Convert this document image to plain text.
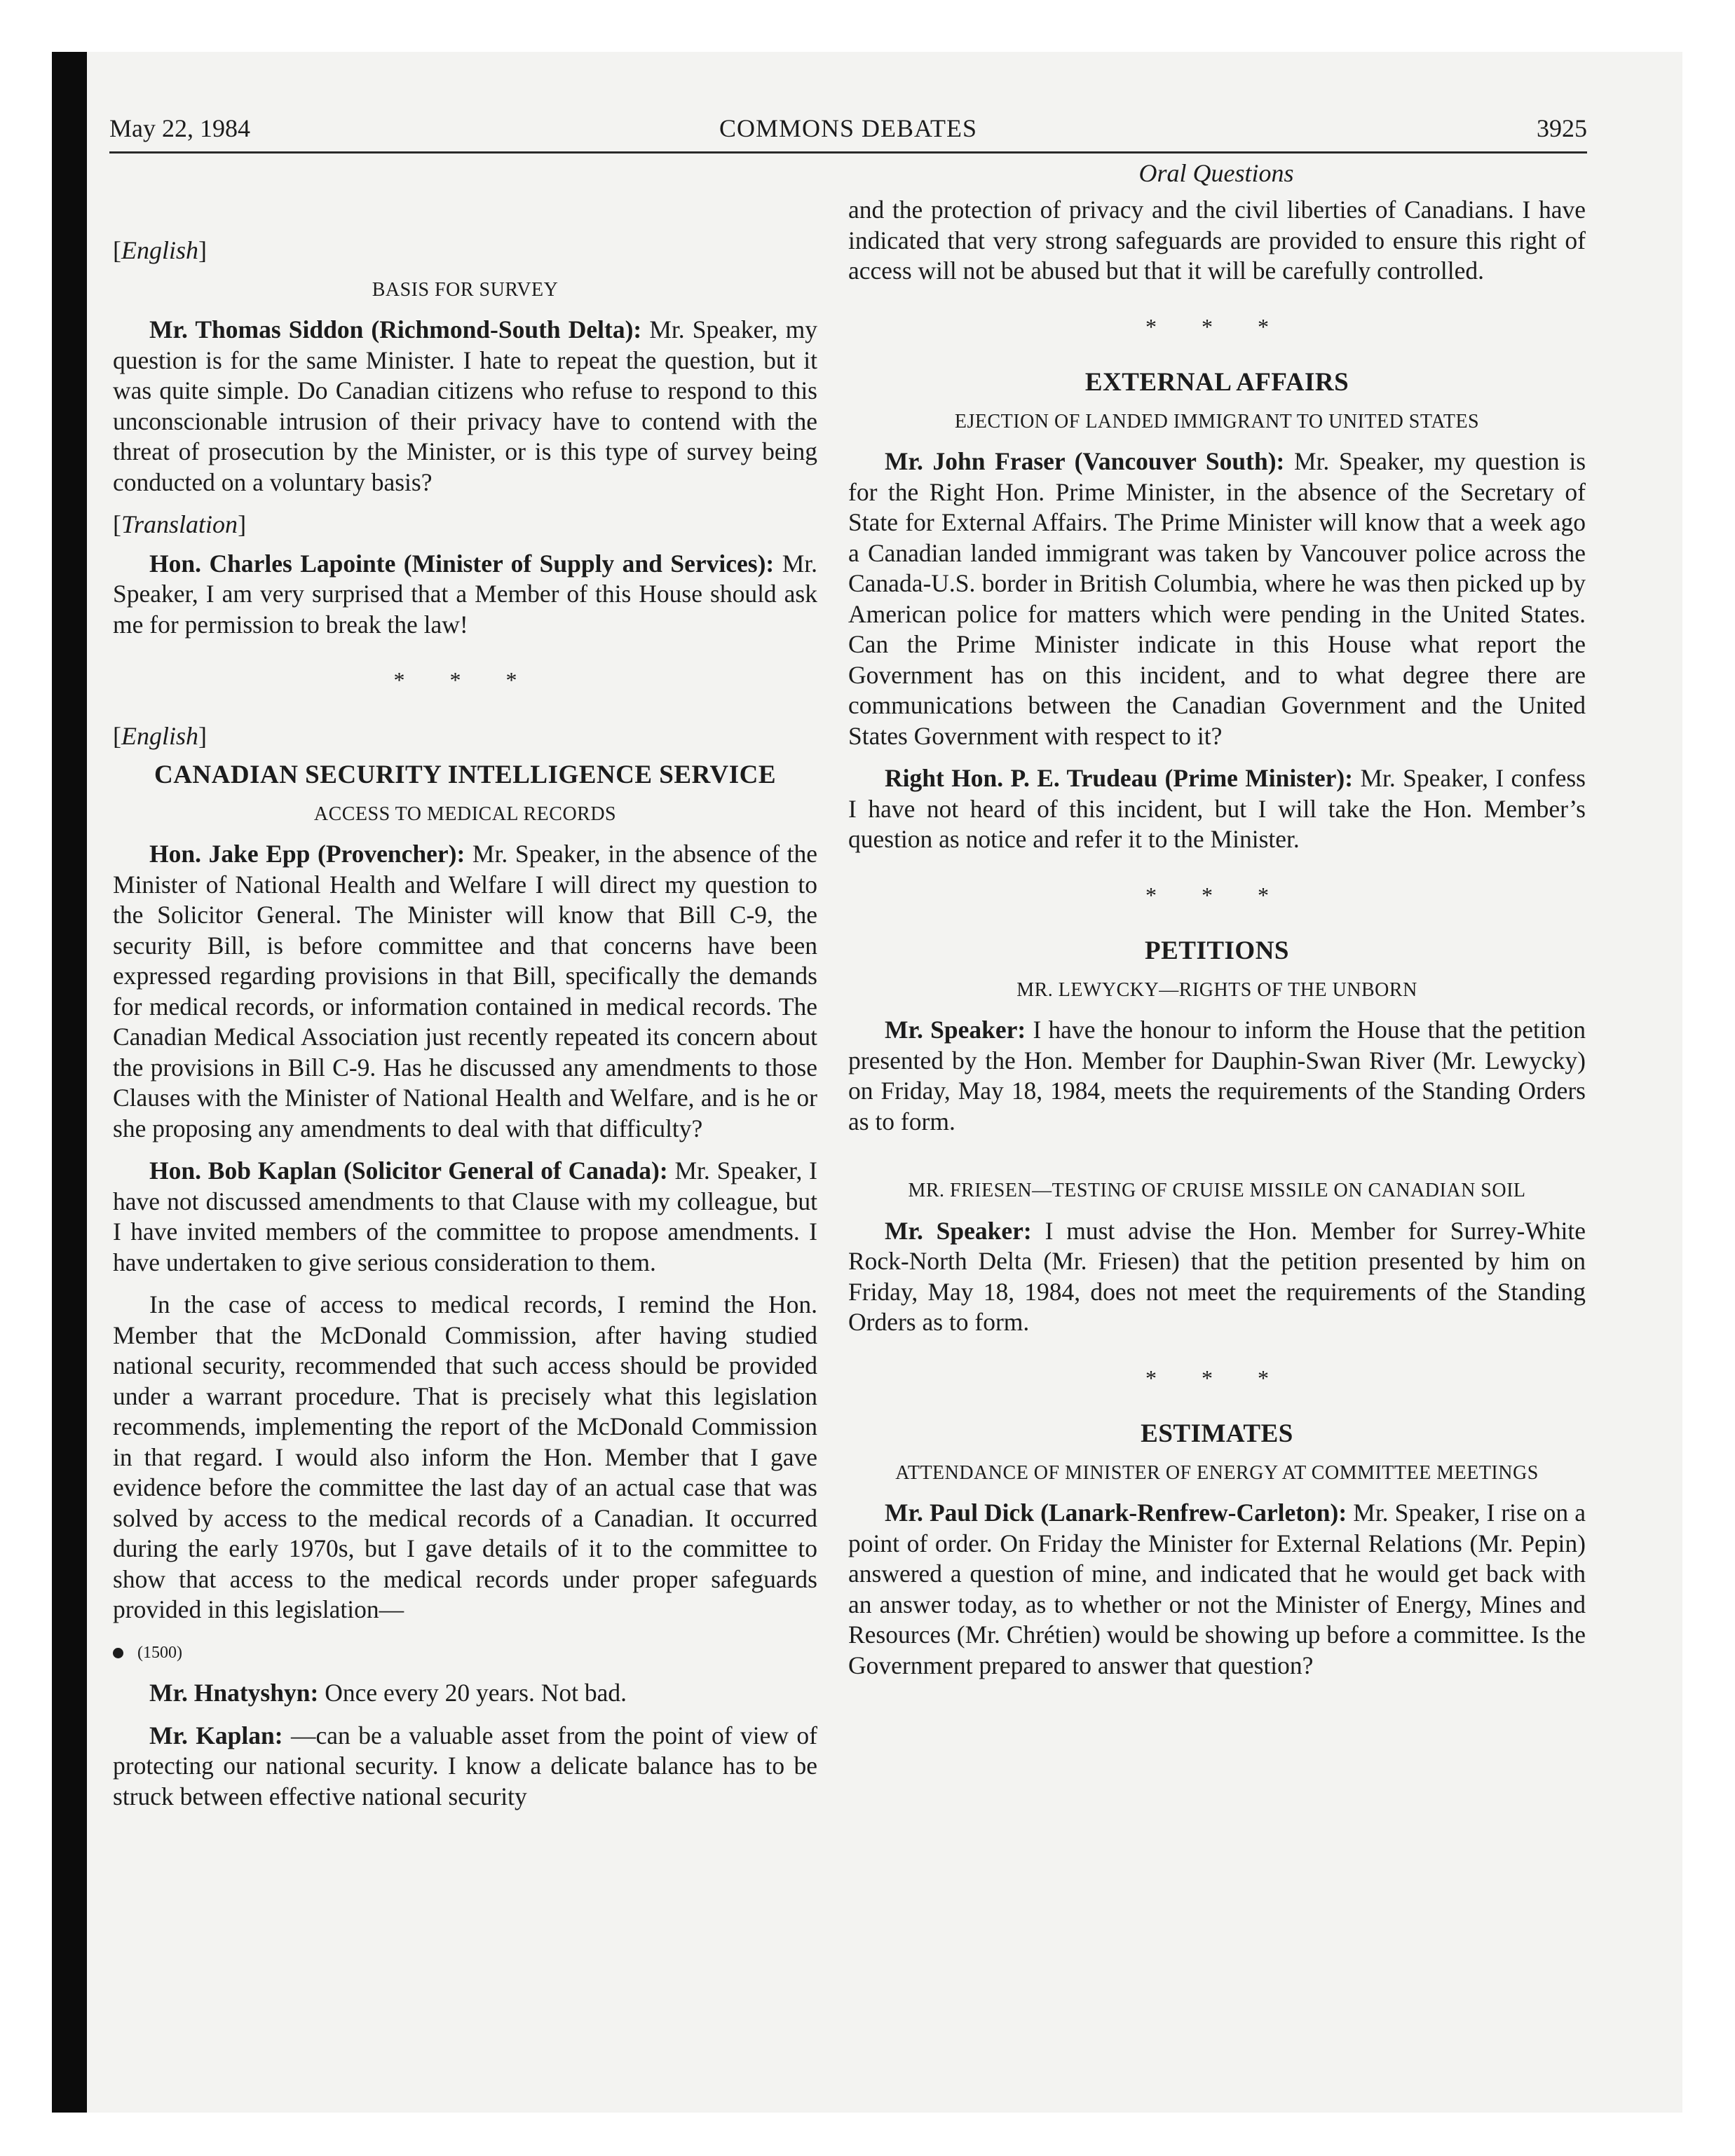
May 22, 1984	COMMONS DEBATES	3925
Oral Questions
[English]
BASIS FOR SURVEY

Mr. Thomas Siddon (Richmond-South Delta): Mr. Speaker, my question is for the same Minister. I hate to repeat the question, but it was quite simple. Do Canadian citizens who refuse to respond to this unconscionable intrusion of their privacy have to contend with the threat of prosecution by the Minister, or is this type of survey being conducted on a voluntary basis?

[Translation]

Hon. Charles Lapointe (Minister of Supply and Services): Mr. Speaker, I am very surprised that a Member of this House should ask me for permission to break the law!

* * *
[English]
CANADIAN SECURITY INTELLIGENCE SERVICE
ACCESS TO MEDICAL RECORDS

Hon. Jake Epp (Provencher): Mr. Speaker, in the absence of the Minister of National Health and Welfare I will direct my question to the Solicitor General. The Minister will know that Bill C-9, the security Bill, is before committee and that concerns have been expressed regarding provisions in that Bill, specifically the demands for medical records, or information contained in medical records. The Canadian Medical Association just recently repeated its concern about the provisions in Bill C-9. Has he discussed any amendments to those Clauses with the Minister of National Health and Welfare, and is he or she proposing any amendments to deal with that difficulty?

Hon. Bob Kaplan (Solicitor General of Canada): Mr. Speaker, I have not discussed amendments to that Clause with my colleague, but I have invited members of the committee to propose amendments. I have undertaken to give serious consideration to them.

In the case of access to medical records, I remind the Hon. Member that the McDonald Commission, after having studied national security, recommended that such access should be provided under a warrant procedure. That is precisely what this legislation recommends, implementing the report of the McDonald Commission in that regard. I would also inform the Hon. Member that I gave evidence before the committee the last day of an actual case that was solved by access to the medical records of a Canadian. It occurred during the early 1970s, but I gave details of it to the committee to show that access to the medical records under proper safeguards provided in this legislation—

(1500)

Mr. Hnatyshyn: Once every 20 years. Not bad.

Mr. Kaplan: —can be a valuable asset from the point of view of protecting our national security. I know a delicate balance has to be struck between effective national security

and the protection of privacy and the civil liberties of Canadians. I have indicated that very strong safeguards are provided to ensure this right of access will not be abused but that it will be carefully controlled.

* * *
EXTERNAL AFFAIRS
EJECTION OF LANDED IMMIGRANT TO UNITED STATES

Mr. John Fraser (Vancouver South): Mr. Speaker, my question is for the Right Hon. Prime Minister, in the absence of the Secretary of State for External Affairs. The Prime Minister will know that a week ago a Canadian landed immigrant was taken by Vancouver police across the Canada-U.S. border in British Columbia, where he was then picked up by American police for matters which were pending in the United States. Can the Prime Minister indicate in this House what report the Government has on this incident, and to what degree there are communications between the Canadian Government and the United States Government with respect to it?

Right Hon. P. E. Trudeau (Prime Minister): Mr. Speaker, I confess I have not heard of this incident, but I will take the Hon. Member’s question as notice and refer it to the Minister.

* * *
PETITIONS
MR. LEWYCKY—RIGHTS OF THE UNBORN

Mr. Speaker: I have the honour to inform the House that the petition presented by the Hon. Member for Dauphin-Swan River (Mr. Lewycky) on Friday, May 18, 1984, meets the requirements of the Standing Orders as to form.

MR. FRIESEN—TESTING OF CRUISE MISSILE ON CANADIAN SOIL

Mr. Speaker: I must advise the Hon. Member for Surrey-White Rock-North Delta (Mr. Friesen) that the petition presented by him on Friday, May 18, 1984, does not meet the requirements of the Standing Orders as to form.

* * *
ESTIMATES
ATTENDANCE OF MINISTER OF ENERGY AT COMMITTEE MEETINGS

Mr. Paul Dick (Lanark-Renfrew-Carleton): Mr. Speaker, I rise on a point of order. On Friday the Minister for External Relations (Mr. Pepin) answered a question of mine, and indicated that he would get back with an answer today, as to whether or not the Minister of Energy, Mines and Resources (Mr. Chrétien) would be showing up before a committee. Is the Government prepared to answer that question?
